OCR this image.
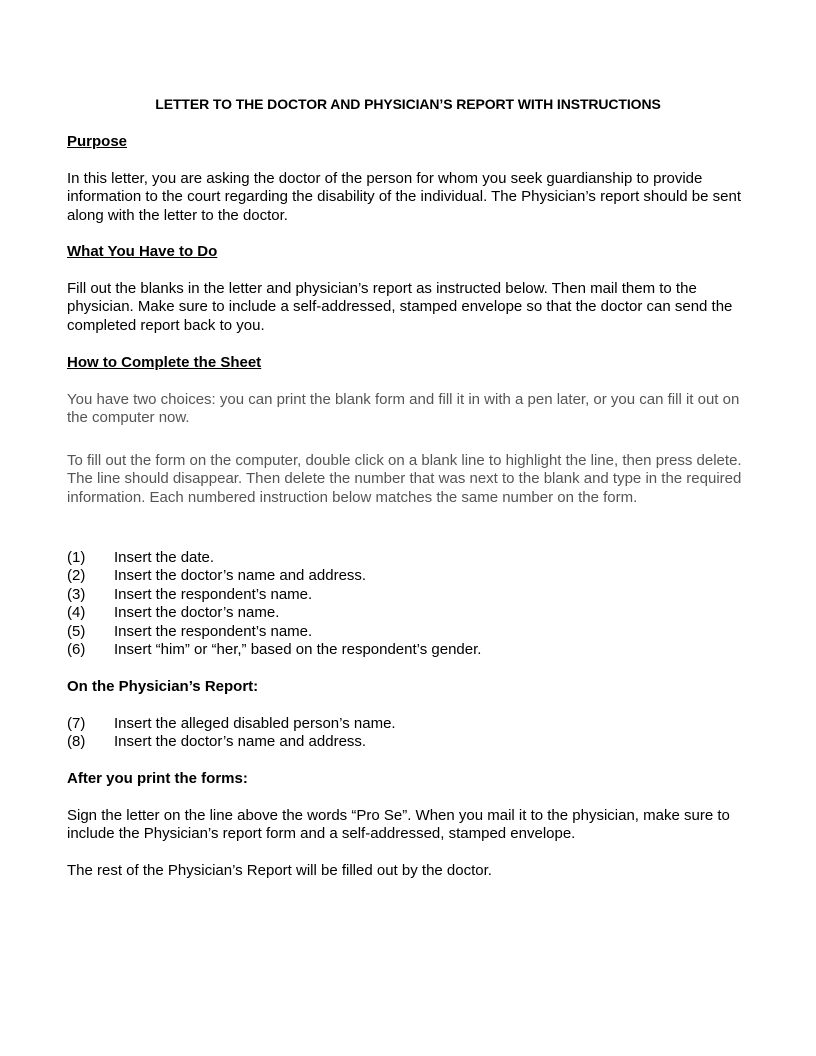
LETTER TO THE DOCTOR AND PHYSICIAN’S REPORT WITH INSTRUCTIONS
Purpose
In this letter, you are asking the doctor of the person for whom you seek guardianship to provide information to the court regarding the disability of the individual. The Physician’s report should be sent along with the letter to the doctor.
What You Have to Do
Fill out the blanks in the letter and physician’s report as instructed below. Then mail them to the physician. Make sure to include a self-addressed, stamped envelope so that the doctor can send the completed report back to you.
How to Complete the Sheet
You have two choices: you can print the blank form and fill it in with a pen later, or you can fill it out on the computer now.
To fill out the form on the computer, double click on a blank line to highlight the line, then press delete. The line should disappear. Then delete the number that was next to the blank and type in the required information. Each numbered instruction below matches the same number on the form.
(1) Insert the date.
(2) Insert the doctor’s name and address.
(3) Insert the respondent’s name.
(4) Insert the doctor’s name.
(5) Insert the respondent’s name.
(6) Insert “him” or “her,” based on the respondent’s gender.
On the Physician’s Report:
(7) Insert the alleged disabled person’s name.
(8) Insert the doctor’s name and address.
After you print the forms:
Sign the letter on the line above the words “Pro Se”. When you mail it to the physician, make sure to include the Physician’s report form and a self-addressed, stamped envelope.
The rest of the Physician’s Report will be filled out by the doctor.
